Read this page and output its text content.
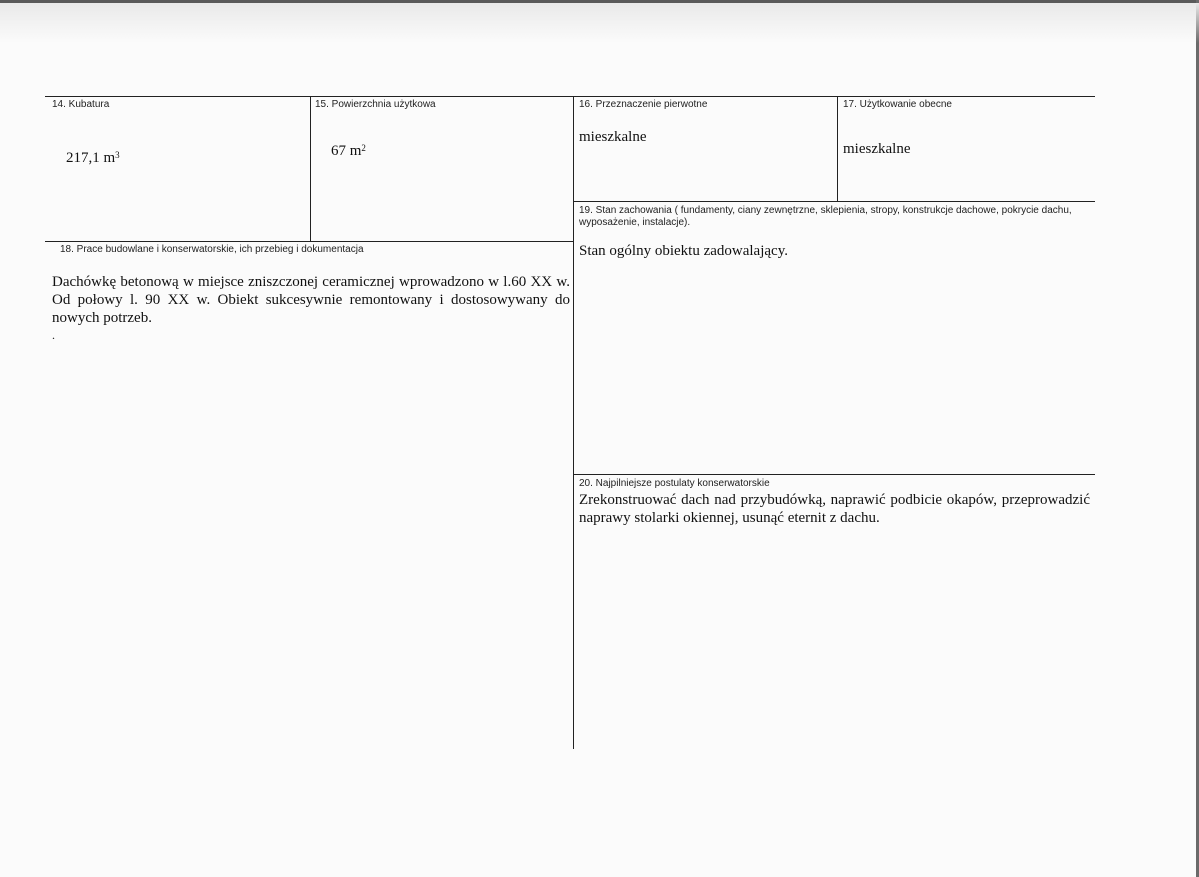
14. Kubatura
217,1 $m^3$
15. Powierzchnia użytkowa
67 $m^2$
16. Przeznaczenie pierwotne
mieszkalne
17. Użytkowanie obecne
mieszkalne
18. Prace budowlane i konserwatorskie, ich przebieg i dokumentacja
Dachówkę betonową w miejsce zniszczonej ceramicznej wprowadzono w l.60 XX w. Od połowy l. 90 XX w. Obiekt sukcesywnie remontowany i dostosowywany do nowych potrzeb.
.
19. Stan zachowania ( fundamenty, ciany zewnętrzne, sklepienia, stropy, konstrukcje dachowe, pokrycie dachu, wyposażenie, instalacje).
Stan ogólny obiektu zadowalający.
20. Najpilniejsze postulaty konserwatorskie
Zrekonstruować dach nad przybudówką, naprawić podbicie okapów, przeprowadzić naprawy stolarki okiennej, usunąć eternit z dachu.
